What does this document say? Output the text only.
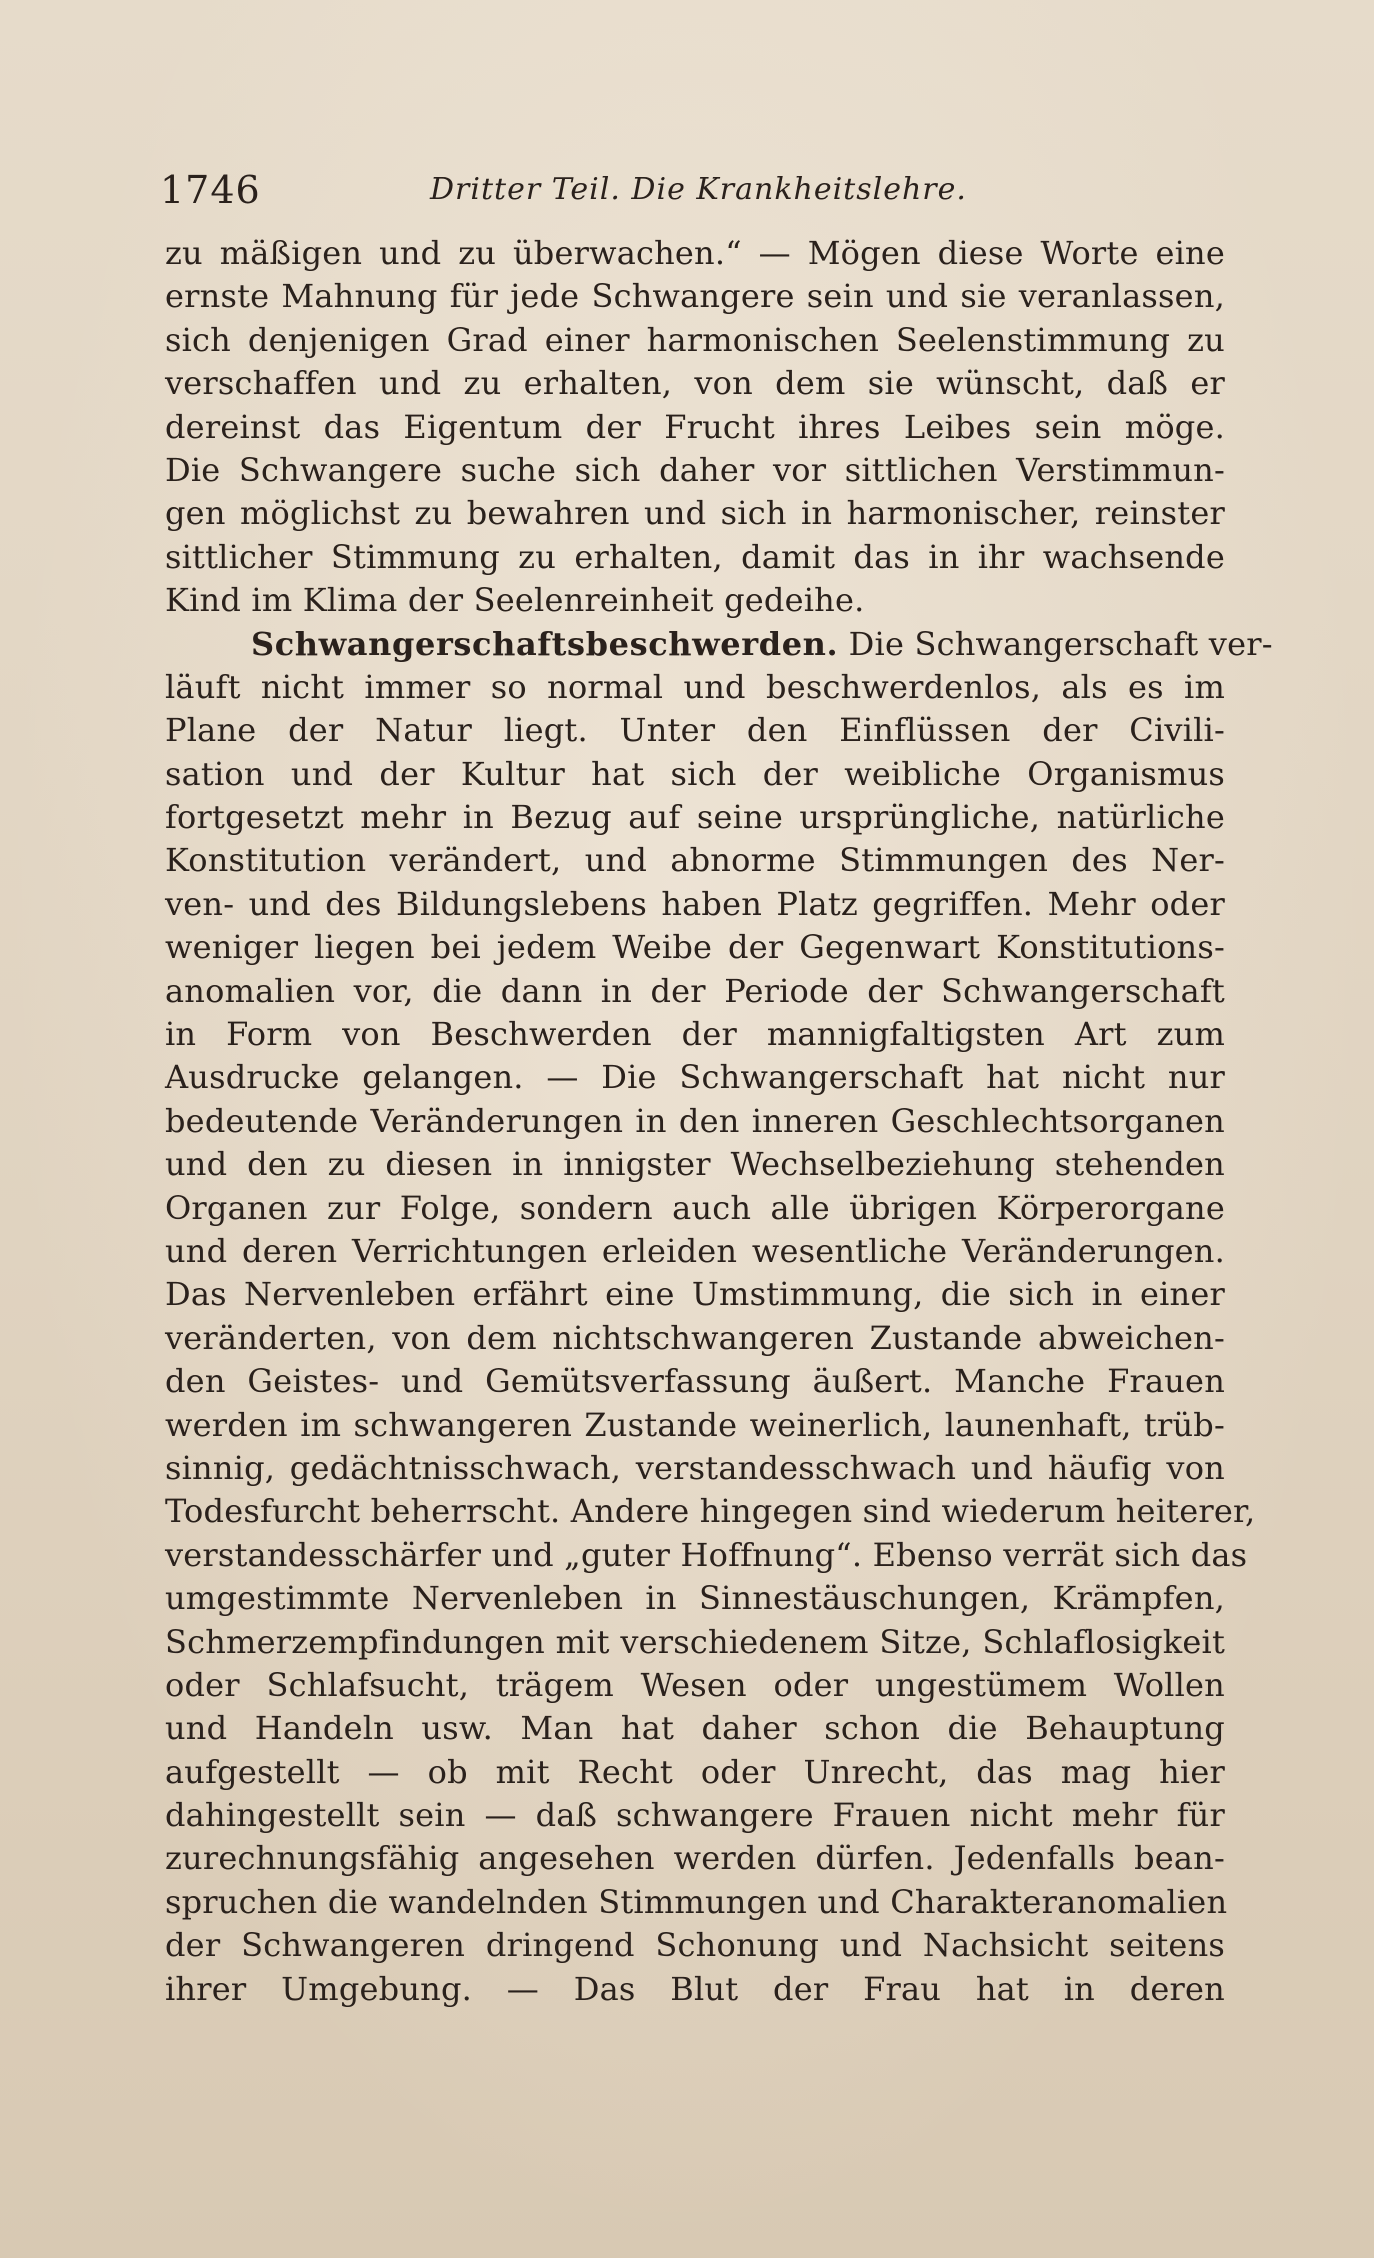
1746	Dritter Teil. Die Krankheitslehre.
zu mäßigen und zu überwachen.“ — Mögen diese Worte eine
ernste Mahnung für jede Schwangere sein und sie veranlassen,
sich denjenigen Grad einer harmonischen Seelenstimmung zu
verschaffen und zu erhalten, von dem sie wünscht, daß er
dereinst das Eigentum der Frucht ihres Leibes sein möge.
Die Schwangere suche sich daher vor sittlichen Verstimmun-
gen möglichst zu bewahren und sich in harmonischer, reinster
sittlicher Stimmung zu erhalten, damit das in ihr wachsende
Kind im Klima der Seelenreinheit gedeihe.
Schwangerschaftsbeschwerden. Die Schwangerschaft ver-
läuft nicht immer so normal und beschwerdenlos, als es im
Plane der Natur liegt. Unter den Einflüssen der Civili-
sation und der Kultur hat sich der weibliche Organismus
fortgesetzt mehr in Bezug auf seine ursprüngliche, natürliche
Konstitution verändert, und abnorme Stimmungen des Ner-
ven- und des Bildungslebens haben Platz gegriffen. Mehr oder
weniger liegen bei jedem Weibe der Gegenwart Konstitutions-
anomalien vor, die dann in der Periode der Schwangerschaft
in Form von Beschwerden der mannigfaltigsten Art zum
Ausdrucke gelangen. — Die Schwangerschaft hat nicht nur
bedeutende Veränderungen in den inneren Geschlechtsorganen
und den zu diesen in innigster Wechselbeziehung stehenden
Organen zur Folge, sondern auch alle übrigen Körperorgane
und deren Verrichtungen erleiden wesentliche Veränderungen.
Das Nervenleben erfährt eine Umstimmung, die sich in einer
veränderten, von dem nichtschwangeren Zustande abweichen-
den Geistes- und Gemütsverfassung äußert. Manche Frauen
werden im schwangeren Zustande weinerlich, launenhaft, trüb-
sinnig, gedächtnisschwach, verstandesschwach und häufig von
Todesfurcht beherrscht. Andere hingegen sind wiederum heiterer,
verstandesschärfer und „guter Hoffnung“. Ebenso verrät sich das
umgestimmte Nervenleben in Sinnestäuschungen, Krämpfen,
Schmerzempfindungen mit verschiedenem Sitze, Schlaflosigkeit
oder Schlafsucht, trägem Wesen oder ungestümem Wollen
und Handeln usw. Man hat daher schon die Behauptung
aufgestellt — ob mit Recht oder Unrecht, das mag hier
dahingestellt sein — daß schwangere Frauen nicht mehr für
zurechnungsfähig angesehen werden dürfen. Jedenfalls bean-
spruchen die wandelnden Stimmungen und Charakteranomalien
der Schwangeren dringend Schonung und Nachsicht seitens
ihrer Umgebung. — Das Blut der Frau hat in deren
